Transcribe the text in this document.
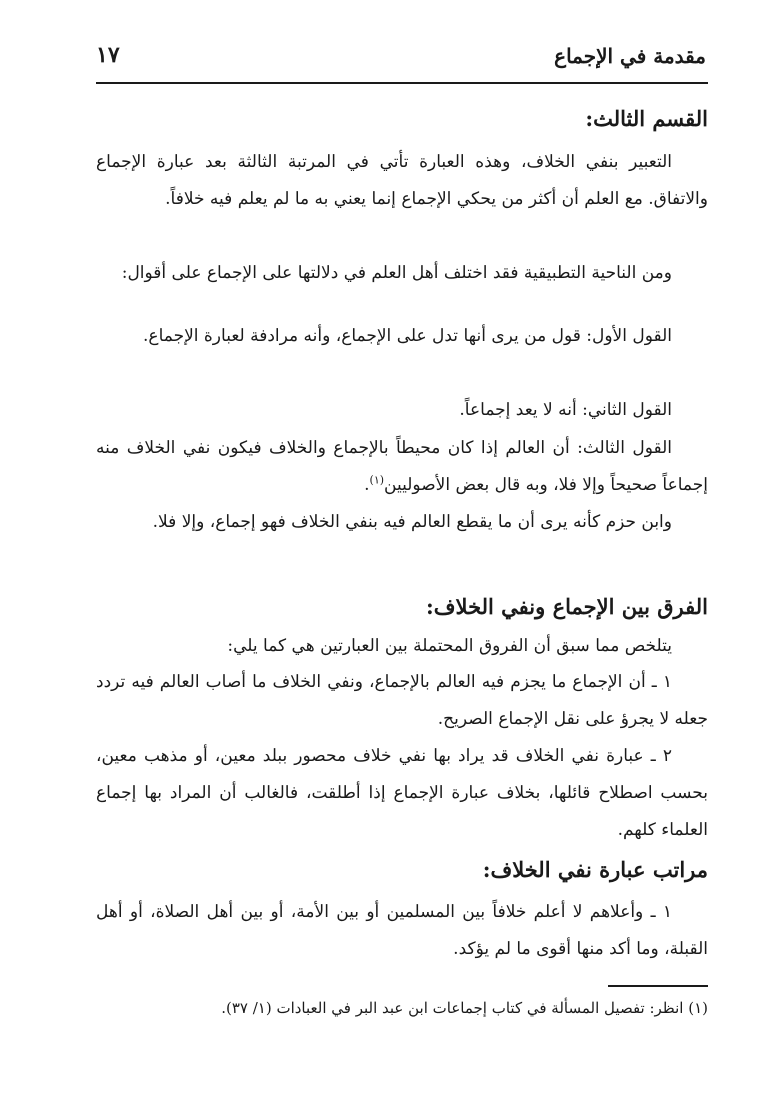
مقدمة في الإجماع
١٧
القسم الثالث:

التعبير بنفي الخلاف، وهذه العبارة تأتي في المرتبة الثالثة بعد عبارة الإجماع والاتفاق. مع العلم أن أكثر من يحكي الإجماع إنما يعني به ما لم يعلم فيه خلافاً.

ومن الناحية التطبيقية فقد اختلف أهل العلم في دلالتها على الإجماع على أقوال:

القول الأول: قول من يرى أنها تدل على الإجماع، وأنه مرادفة لعبارة الإجماع.

القول الثاني: أنه لا يعد إجماعاً.

القول الثالث: أن العالم إذا كان محيطاً بالإجماع والخلاف فيكون نفي الخلاف منه إجماعاً صحيحاً وإلا فلا، وبه قال بعض الأصوليين$^{(١)}$.

وابن حزم كأنه يرى أن ما يقطع العالم فيه بنفي الخلاف فهو إجماع، وإلا فلا.

الفرق بين الإجماع ونفي الخلاف:

يتلخص مما سبق أن الفروق المحتملة بين العبارتين هي كما يلي:

١ ـ أن الإجماع ما يجزم فيه العالم بالإجماع، ونفي الخلاف ما أصاب العالم فيه تردد جعله لا يجرؤ على نقل الإجماع الصريح.

٢ ـ عبارة نفي الخلاف قد يراد بها نفي خلاف محصور ببلد معين، أو مذهب معين، بحسب اصطلاح قائلها، بخلاف عبارة الإجماع إذا أطلقت، فالغالب أن المراد بها إجماع العلماء كلهم.

مراتب عبارة نفي الخلاف:

١ ـ وأعلاهم لا أعلم خلافاً بين المسلمين أو بين الأمة، أو بين أهل الصلاة، أو أهل القبلة، وما أكد منها أقوى ما لم يؤكد.

(١) انظر: تفصيل المسألة في كتاب إجماعات ابن عبد البر في العبادات (١/ ٣٧).
